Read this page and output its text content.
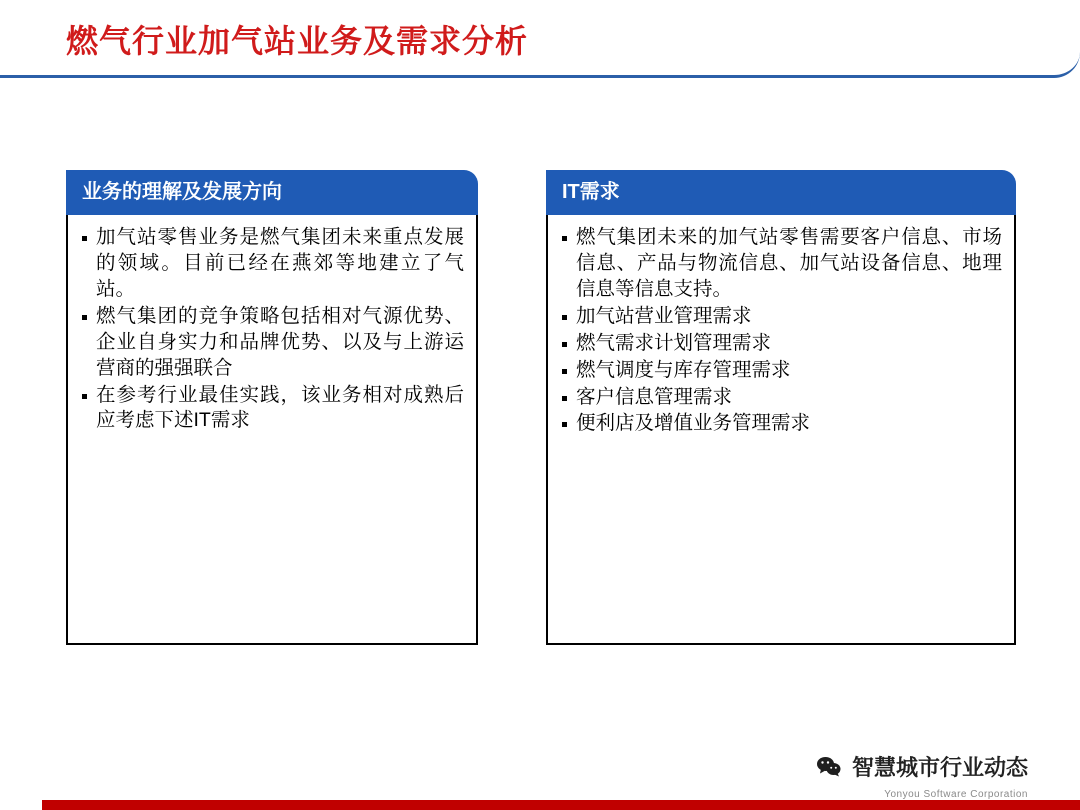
燃气行业加气站业务及需求分析
业务的理解及发展方向
加气站零售业务是燃气集团未来重点发展的领域。目前已经在燕郊等地建立了气站。
燃气集团的竞争策略包括相对气源优势、企业自身实力和品牌优势、以及与上游运营商的强强联合
在参考行业最佳实践，该业务相对成熟后应考虑下述IT需求
IT需求
燃气集团未来的加气站零售需要客户信息、市场信息、产品与物流信息、加气站设备信息、地理信息等信息支持。
加气站营业管理需求
燃气需求计划管理需求
燃气调度与库存管理需求
客户信息管理需求
便利店及增值业务管理需求
智慧城市行业动态
Yonyou Software Corporation
